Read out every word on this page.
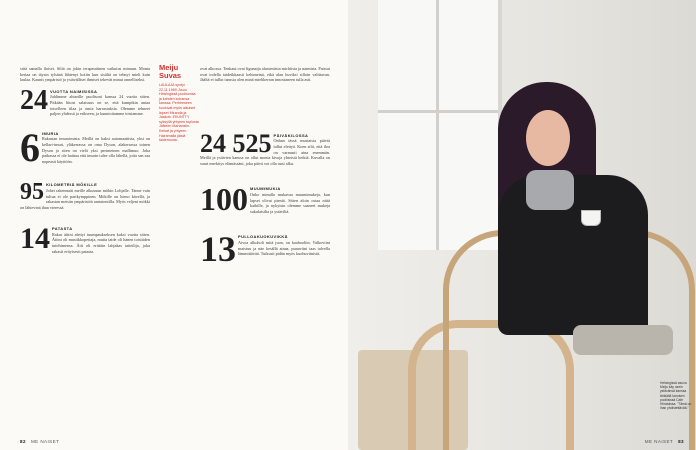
siitä samalla iloiset. Siltä on jokin terapeuttinen vaikutus minuun. Monta kertaa on täysin tylsänä lähtenyt kotiin kun sisältä on tehnyt mieli kuin laulaa. Kaunis ympäristö ja ystävälliset ihmiset tekevät minut onnelliseksi.

24 VUOTTA NAIMISISSA

Juhlimme ahtarille puolisoni kanssa 24 vuotta sitten. Pitkään liitosi salaisuus on se, että kumpikin antaa toiselleen tilaa ja omia harrastuksia. Olemme tehneet paljon yhdessä ja erikseen, ja kunnioitamme toisiamme.

6 IMURIA

Rakastan imuroimista. Meillä on kaksi automaattista, yksi on kellari-imuri, yläkerrassa on oma Dyson, alakerrassa toinen Dyson ja siten on vielä yksi perinteinen mallimuo. Joka paikassa ei ole haittaa että imurin tulee olla lähellä, jotta sen saa nopeasti käyttöön.

95 KILOMETRIÄ MÖKILLE

Johei rakennutti meille alkusuun mökin Lohjalle. Tänne vain tultua ei ole parikymppinen. Mökille on hieno kävellä, ja rakastan metsän ympäristöä rantatontilla. Myös veljeni mökki on lähtevinä ihan vieressä.

14 PATASTA

Rakas äitini alettyi tuumpaukseksen kaksi vuotta sitten. Äitini oli musiikkopettaja, mutta taide oli hänen toistiiden intohimensa. Äiti oli erittäin lahjakas taiteilija, joka rakasti erityisesti patasta.

Meiju Suvas
LAULAJA syntyi 22.11.1969. Asuu Helsingissä puolisonsa ja kahden koiransa kanssa. Perheeseen kuuluvat myös aikuiset lapset Miranda ja Jaakob. EKUNTTY syksyllä yhtyeen tuplusta Jälkeen Martansiin. Keikat ja yhtyeen Hairamalla jäisiä taidemuuta.

ovat alkoxsa. Tenkaut ovat figunaija alusteniisia michiista ja naimisia. Paissat ovat todella taideikkaasti kehimeinä, eikä alan huviksi silloin valittavan. Jäältä ei tullut tanssia olen minä mielikerran innostaneen tulla asti.

24 525 PÄIVÄKILOSSA

Onhan tässä mustaisia päiviä tullut elettyä. Koen silti, että iloa on varmasti aina enemmän. Meillä ja ystävien kanssa on ollut monia kivoja yhteisiä hetkiä. Kuvalla on suuri merkitys elämässäni, joka päivä voi olla uusi alku.

100 MUUMIMUKIA

Onko minulla mukavaa muumimukeja, kun lapset olivat pieniä. Sitten aloin ostaa niitä kaikille, ja nykyisin olemme saaneet mukeja sukulaisilta ja ystäviltä.

13 PULLOAKUOKUVIKKÄ

Aivoa alkoholi mitä juon, on kaahooliin. Valkoviini maistuu ja näe kesällä ainaa, punaviini taas talvella lämmittävää. Tuikusti pidän myös kuohuviinistä.

82 ME NAISET
Helsingissä asuva Meiju käy usein ystävänsä kanssa tärkiällä karoisen puoliisissä Cafe Hiiratoissa. ”Tämä on ihan yhdistettävää.”
ME NAISET 83
